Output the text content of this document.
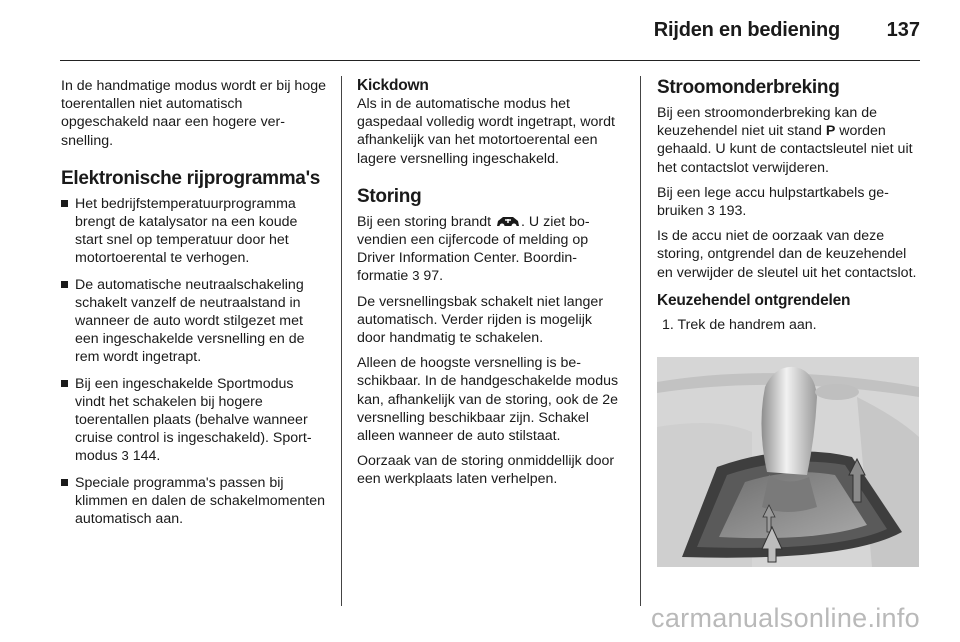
Rijden en bediening 137

In de handmatige modus wordt er bij hoge toerentallen niet automatisch opgeschakeld naar een hogere versnelling.

Elektronische rijprogramma's
Het bedrijfstemperatuurprogramma brengt de katalysator na een koude start snel op temperatuur door het motortoerental te verhogen.
De automatische neutraalschakeling schakelt vanzelf de neutraalstand in wanneer de auto wordt stilgezet met een ingeschakelde versnelling en de rem wordt ingetrapt.
Bij een ingeschakelde Sportmodus vindt het schakelen bij hogere toerentallen plaats (behalve wanneer cruise control is ingeschakeld). Sport-modus 3 144.
Speciale programma's passen bij klimmen en dalen de schakelmomenten automatisch aan.
Kickdown

Als in de automatische modus het gaspedaal volledig wordt ingetrapt, wordt afhankelijk van het motortoerental een lagere versnelling ingeschakeld.

Storing

Bij een storing brandt . U ziet bovendien een cijfercode of melding op Driver Information Center. Boordinformatie 3 97.

De versnellingsbak schakelt niet langer automatisch. Verder rijden is mogelijk door handmatig te schakelen.

Alleen de hoogste versnelling is beschikbaar. In de handgeschakelde modus kan, afhankelijk van de storing, ook de 2e versnelling beschikbaar zijn. Schakel alleen wanneer de auto stilstaat.

Oorzaak van de storing onmiddellijk door een werkplaats laten verhelpen.

Stroomonderbreking

Bij een stroomonderbreking kan de keuzehendel niet uit stand P worden gehaald. U kunt de contactsleutel niet uit het contactslot verwijderen.

Bij een lege accu hulpstartkabels gebruiken 3 193.

Is de accu niet de oorzaak van deze storing, ontgrendel dan de keuzehendel en verwijder de sleutel uit het contactslot.

Keuzehendel ontgrendelen
1. Trek de handrem aan.
carmanualsonline.info
